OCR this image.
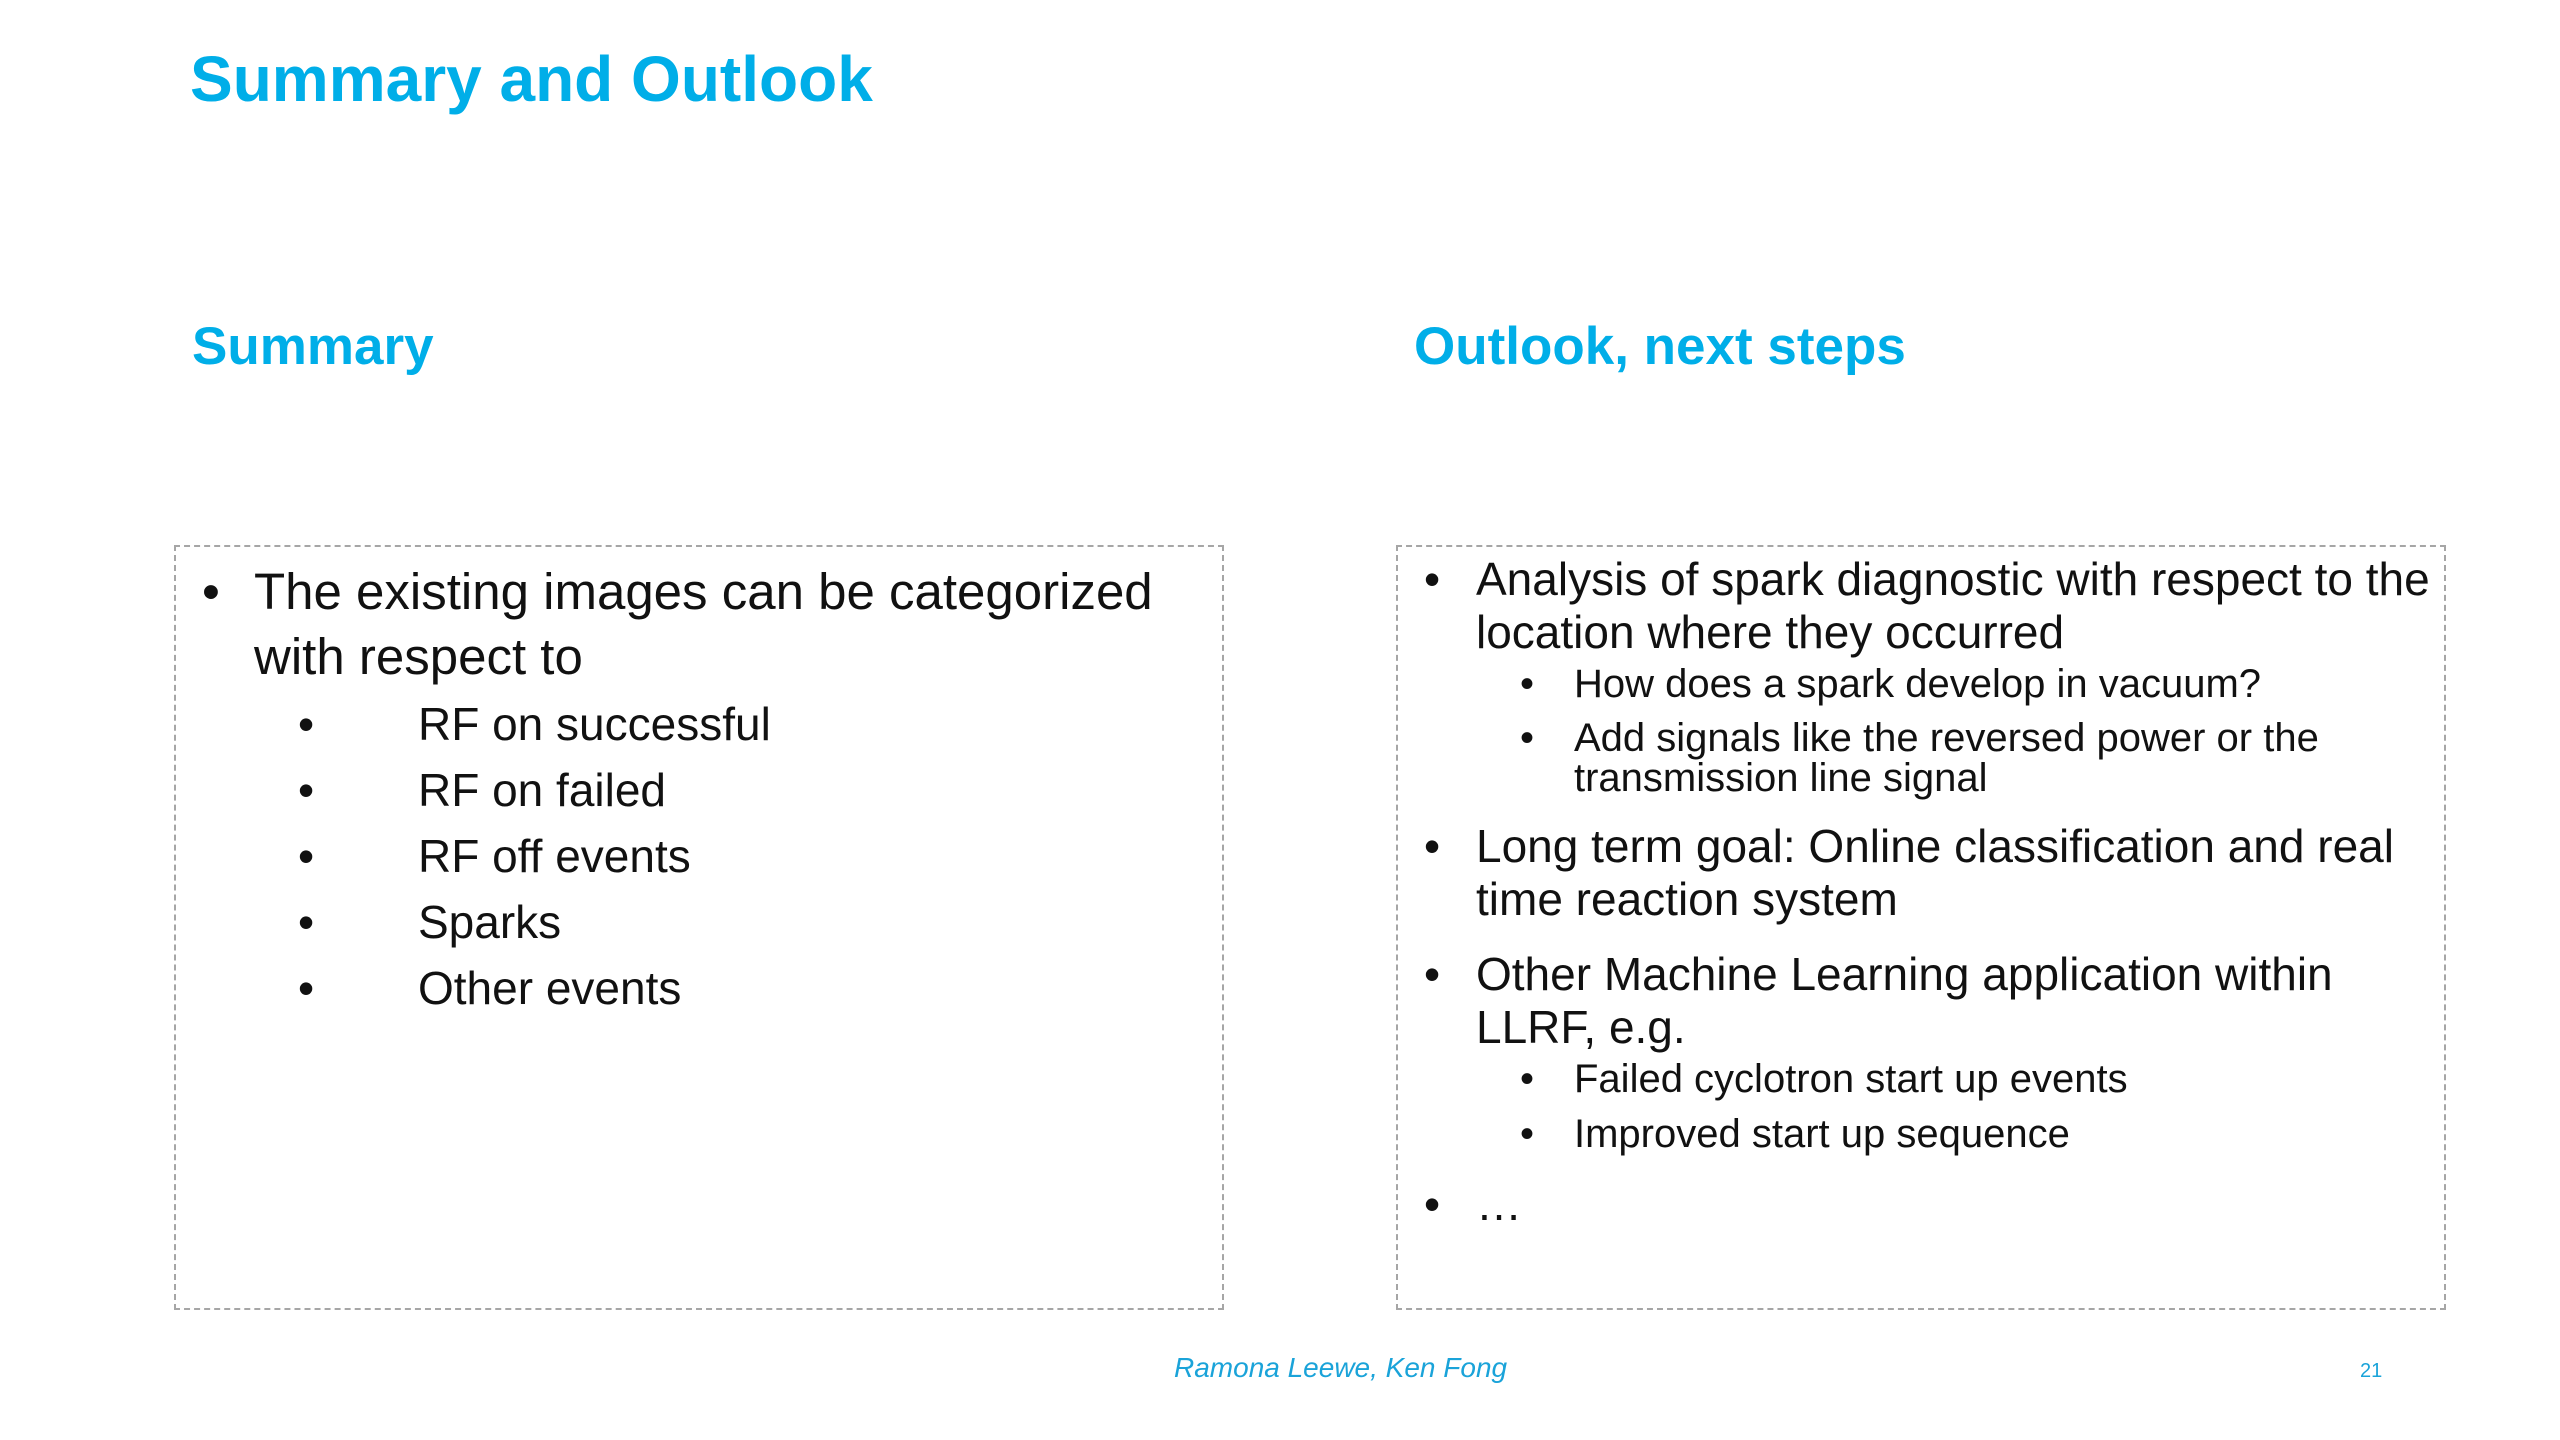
Summary and Outlook
Summary	Outlook, next steps
• The existing images can be categorized with respect to
• RF on successful
• RF on failed
• RF off events
• Sparks
• Other events
• Analysis of spark diagnostic with respect to the location where they occurred
• How does a spark develop in vacuum?
• Add signals like the reversed power or the transmission line signal
• Long term goal: Online classification and real time reaction system
• Other Machine Learning application within LLRF, e.g.
• Failed cyclotron start up events
• Improved start up sequence
• …
Ramona Leewe, Ken Fong	21
